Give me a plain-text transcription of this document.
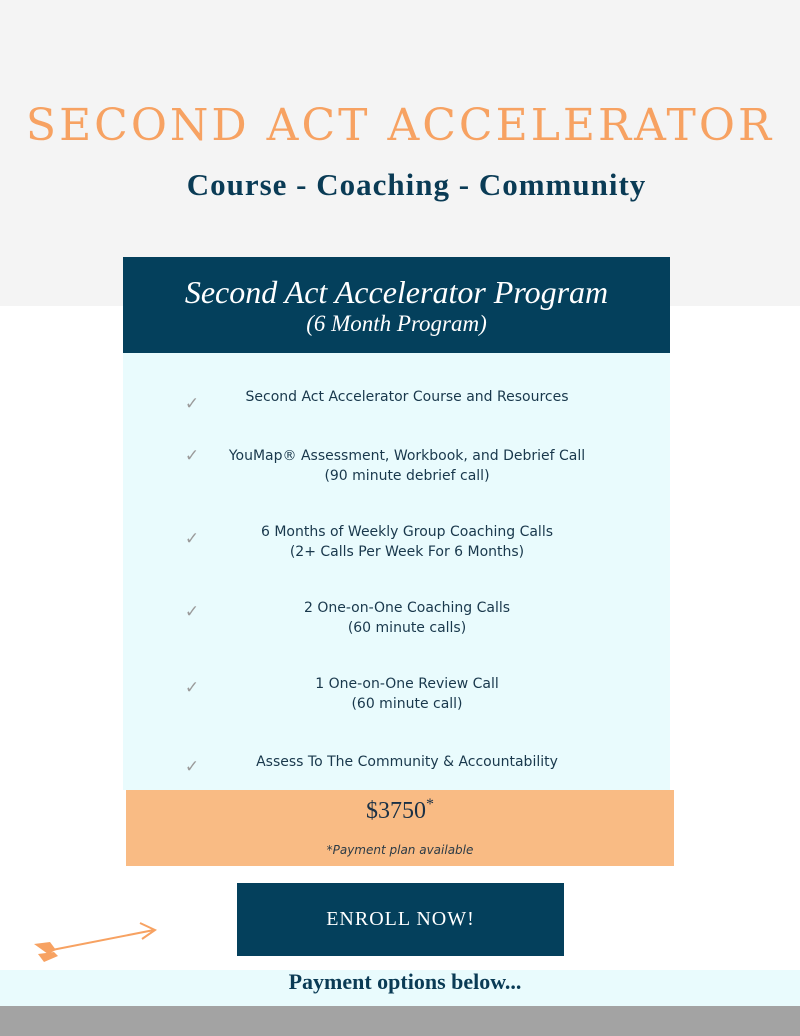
SECOND ACT ACCELERATOR
Course - Coaching - Community
Second Act Accelerator Program
(6 Month Program)
✓	Second Act Accelerator Course and Resources
✓	YouMap® Assessment, Workbook, and Debrief Call
(90 minute debrief call)
✓	6 Months of Weekly Group Coaching Calls
(2+ Calls Per Week For 6 Months)
✓	2 One-on-One Coaching Calls
(60 minute calls)
✓	1 One-on-One Review Call
(60 minute call)
✓	Assess To The Community & Accountability
$3750*
*Payment plan available
ENROLL NOW!
Payment options below...
